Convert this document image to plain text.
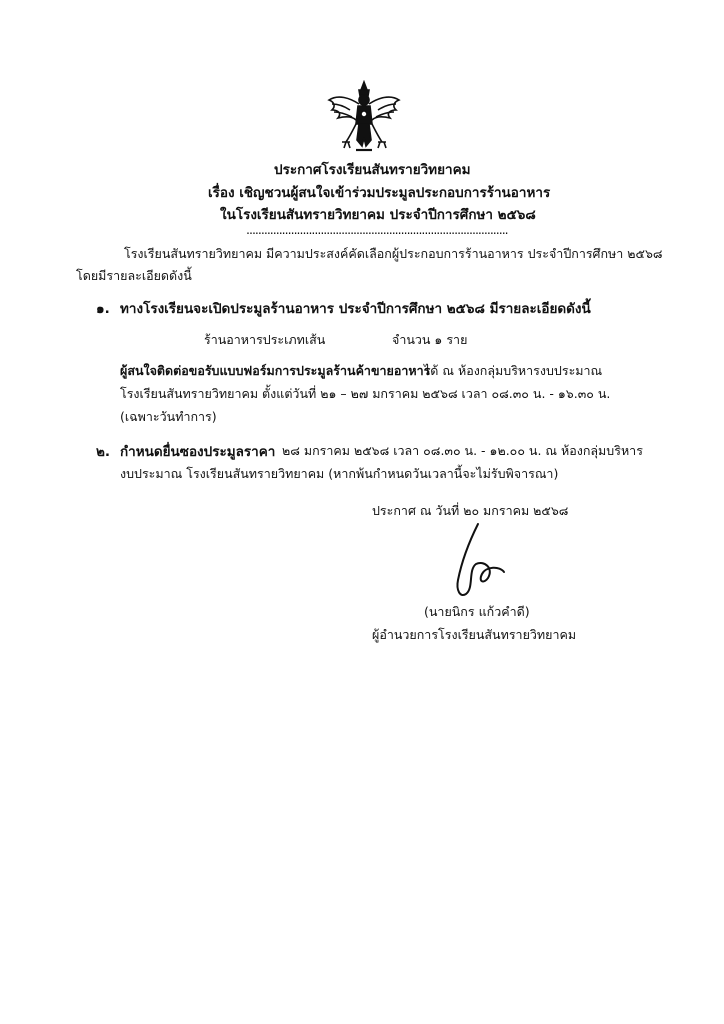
ประกาศโรงเรียนสันทรายวิทยาคม
เรื่อง เชิญชวนผู้สนใจเข้าร่วมประมูลประกอบการร้านอาหาร
ในโรงเรียนสันทรายวิทยาคม ประจำปีการศึกษา ๒๕๖๘
........................................................................................
โรงเรียนสันทรายวิทยาคม มีความประสงค์คัดเลือกผู้ประกอบการร้านอาหาร ประจำปีการศึกษา ๒๕๖๘
โดยมีรายละเอียดดังนี้
๑. ทางโรงเรียนจะเปิดประมูลร้านอาหาร ประจำปีการศึกษา ๒๕๖๘ มีรายละเอียดดังนี้
ร้านอาหารประเภทเส้น	จำนวน ๑ ราย
ผู้สนใจติดต่อขอรับแบบฟอร์มการประมูลร้านค้าขายอาหาร
ได้ ณ ห้องกลุ่มบริหารงบประมาณ
โรงเรียนสันทรายวิทยาคม ตั้งแต่วันที่ ๒๑ – ๒๗ มกราคม ๒๕๖๘ เวลา ๐๘.๓๐ น. - ๑๖.๓๐ น.
(เฉพาะวันทำการ)
๒. กำหนดยื่นซองประมูลราคา ๒๘ มกราคม ๒๕๖๘ เวลา ๐๘.๓๐ น. - ๑๒.๐๐ น. ณ ห้องกลุ่มบริหาร
งบประมาณ โรงเรียนสันทรายวิทยาคม (หากพ้นกำหนดวันเวลานี้จะไม่รับพิจารณา)
ประกาศ ณ วันที่ ๒๐ มกราคม ๒๕๖๘
(นายนิกร แก้วคำดี)
ผู้อำนวยการโรงเรียนสันทรายวิทยาคม
